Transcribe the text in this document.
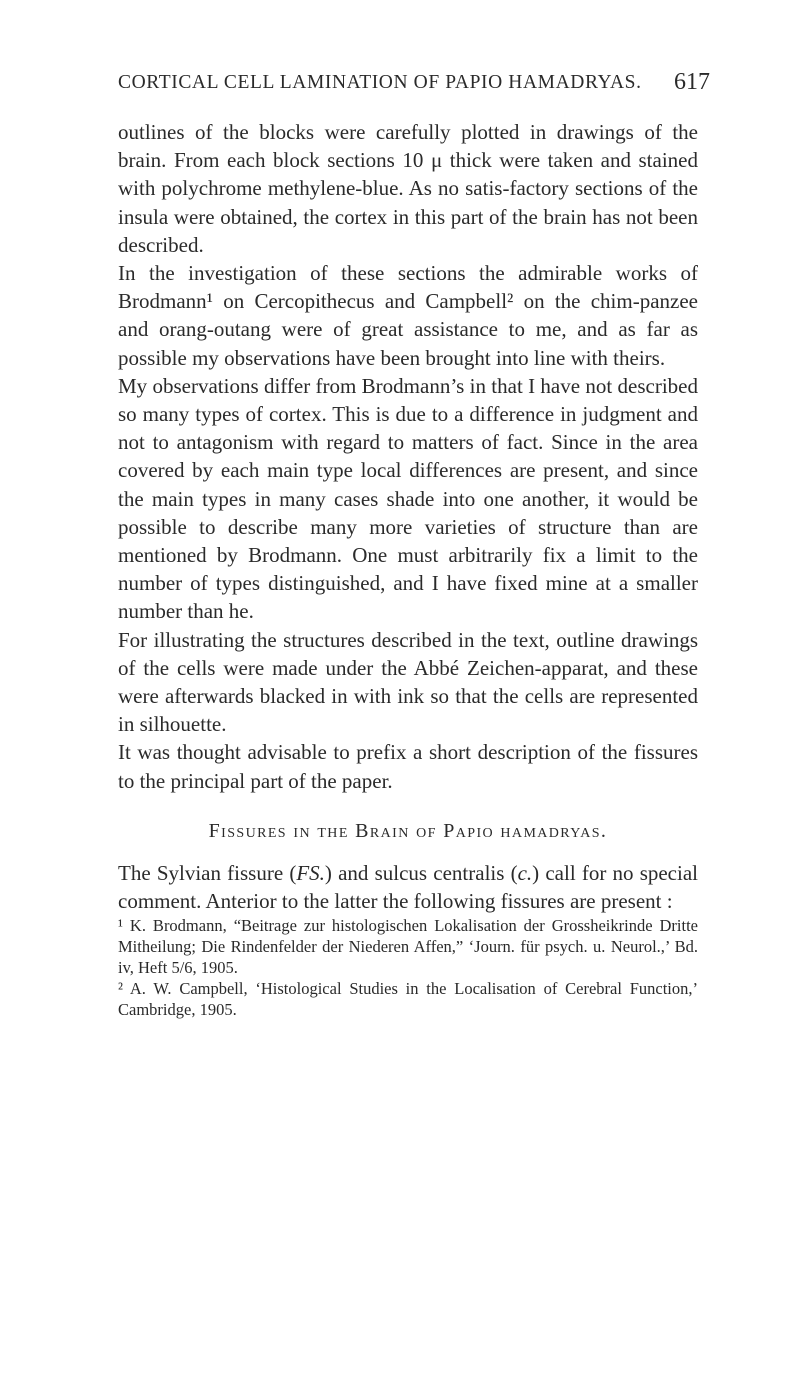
CORTICAL CELL LAMINATION OF PAPIO HAMADRYAS. 617

outlines of the blocks were carefully plotted in drawings of the brain. From each block sections 10 μ thick were taken and stained with polychrome methylene-blue. As no satis-factory sections of the insula were obtained, the cortex in this part of the brain has not been described.

In the investigation of these sections the admirable works of Brodmann¹ on Cercopithecus and Campbell² on the chim-panzee and orang-outang were of great assistance to me, and as far as possible my observations have been brought into line with theirs.

My observations differ from Brodmann’s in that I have not described so many types of cortex. This is due to a difference in judgment and not to antagonism with regard to matters of fact. Since in the area covered by each main type local differences are present, and since the main types in many cases shade into one another, it would be possible to describe many more varieties of structure than are mentioned by Brodmann. One must arbitrarily fix a limit to the number of types distinguished, and I have fixed mine at a smaller number than he.

For illustrating the structures described in the text, outline drawings of the cells were made under the Abbé Zeichen-apparat, and these were afterwards blacked in with ink so that the cells are represented in silhouette.

It was thought advisable to prefix a short description of the fissures to the principal part of the paper.

Fissures in the Brain of Papio hamadryas.

The Sylvian fissure (FS.) and sulcus centralis (c.) call for no special comment. Anterior to the latter the following fissures are present :

¹ K. Brodmann, “Beitrage zur histologischen Lokalisation der Grossheikrinde Dritte Mitheilung; Die Rindenfelder der Niederen Affen,” ‘Journ. für psych. u. Neurol.,’ Bd. iv, Heft 5/6, 1905.

² A. W. Campbell, ‘Histological Studies in the Localisation of Cerebral Function,’ Cambridge, 1905.
